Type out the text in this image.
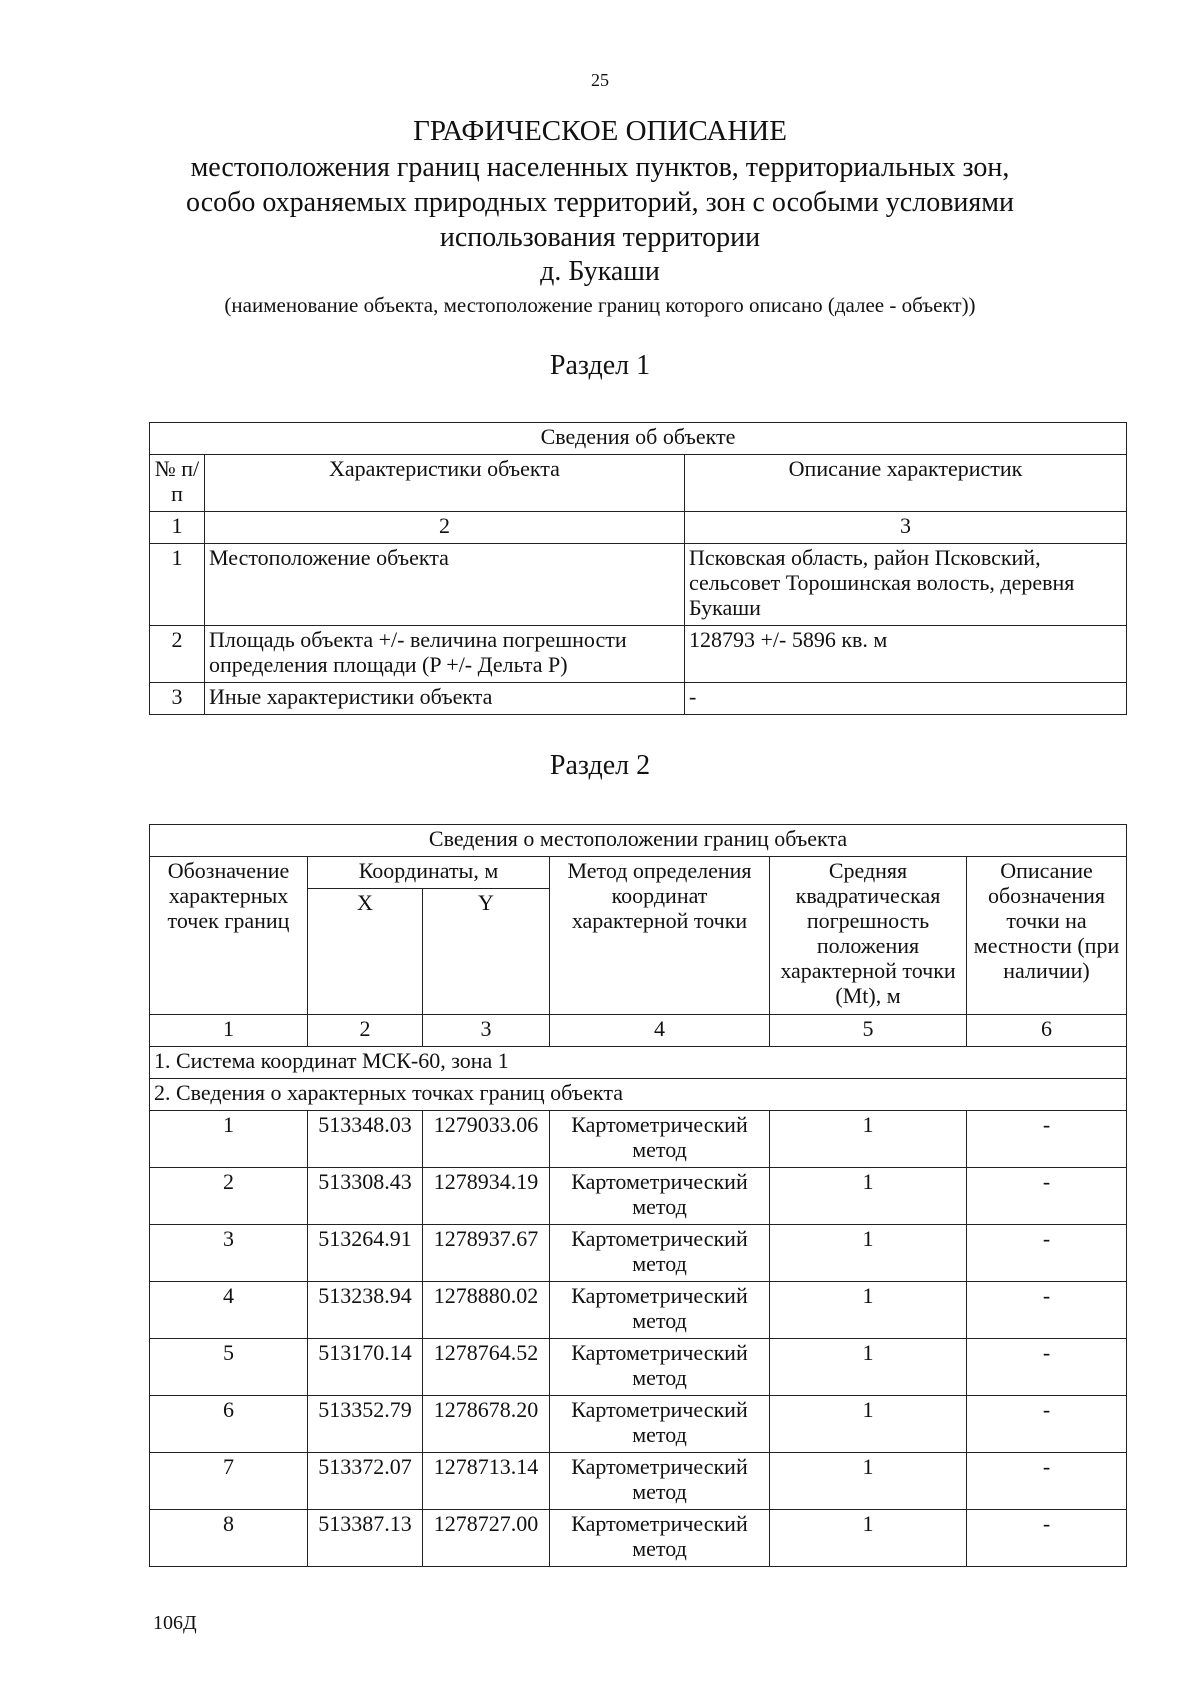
25
ГРАФИЧЕСКОЕ ОПИСАНИЕ
местоположения границ населенных пунктов, территориальных зон,
особо охраняемых природных территорий, зон с особыми условиями
использования территории
д. Букаши
(наименование объекта, местоположение границ которого описано (далее - объект))
Раздел 1
Сведения об объекте		
№ п/п	Характеристики объекта	Описание характеристик
1	2	3
1	Местоположение объекта	Псковская область, район Псковский, сельсовет Торошинская волость, деревня Букаши
2	Площадь объекта +/- величина погрешности определения площади (P +/- Дельта P)	128793 +/- 5896 кв. м
3	Иные характеристики объекта	-
Раздел 2
Сведения о местоположении границ объекта					
Обозначение характерных точек границ	Координаты, м		Метод определения координат характерной точки	Средняя квадратическая погрешность положения характерной точки (Mt), м	Описание обозначения точки на местности (при наличии)
	X	Y			
1	2	3	4	5	6
1. Система координат МСК-60, зона 1					
2. Сведения о характерных точках границ объекта					
1	513348.03	1279033.06	Картометрический метод	1	-
2	513308.43	1278934.19	Картометрический метод	1	-
3	513264.91	1278937.67	Картометрический метод	1	-
4	513238.94	1278880.02	Картометрический метод	1	-
5	513170.14	1278764.52	Картометрический метод	1	-
6	513352.79	1278678.20	Картометрический метод	1	-
7	513372.07	1278713.14	Картометрический метод	1	-
8	513387.13	1278727.00	Картометрический метод	1	-
106Д
